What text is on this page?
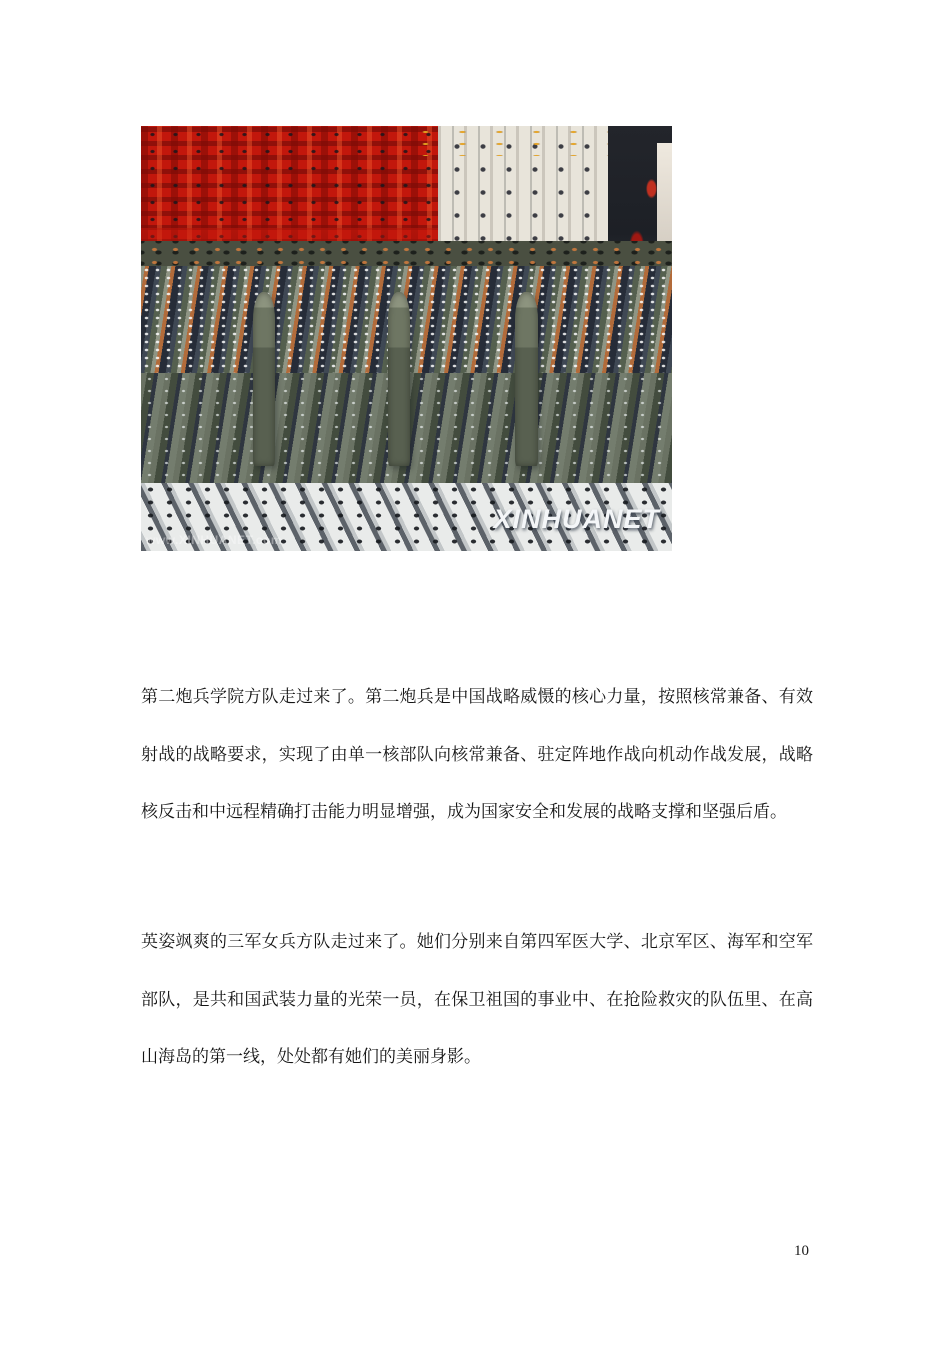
www.XINHUANET.com
XINHUANET

第二炮兵学院方队走过来了。第二炮兵是中国战略威慑的核心力量，按照核常兼备、有效射战的战略要求，实现了由单一核部队向核常兼备、驻定阵地作战向机动作战发展，战略核反击和中远程精确打击能力明显增强，成为国家安全和发展的战略支撑和坚强后盾。

英姿飒爽的三军女兵方队走过来了。她们分别来自第四军医大学、北京军区、海军和空军部队，是共和国武装力量的光荣一员，在保卫祖国的事业中、在抢险救灾的队伍里、在高山海岛的第一线，处处都有她们的美丽身影。

10
